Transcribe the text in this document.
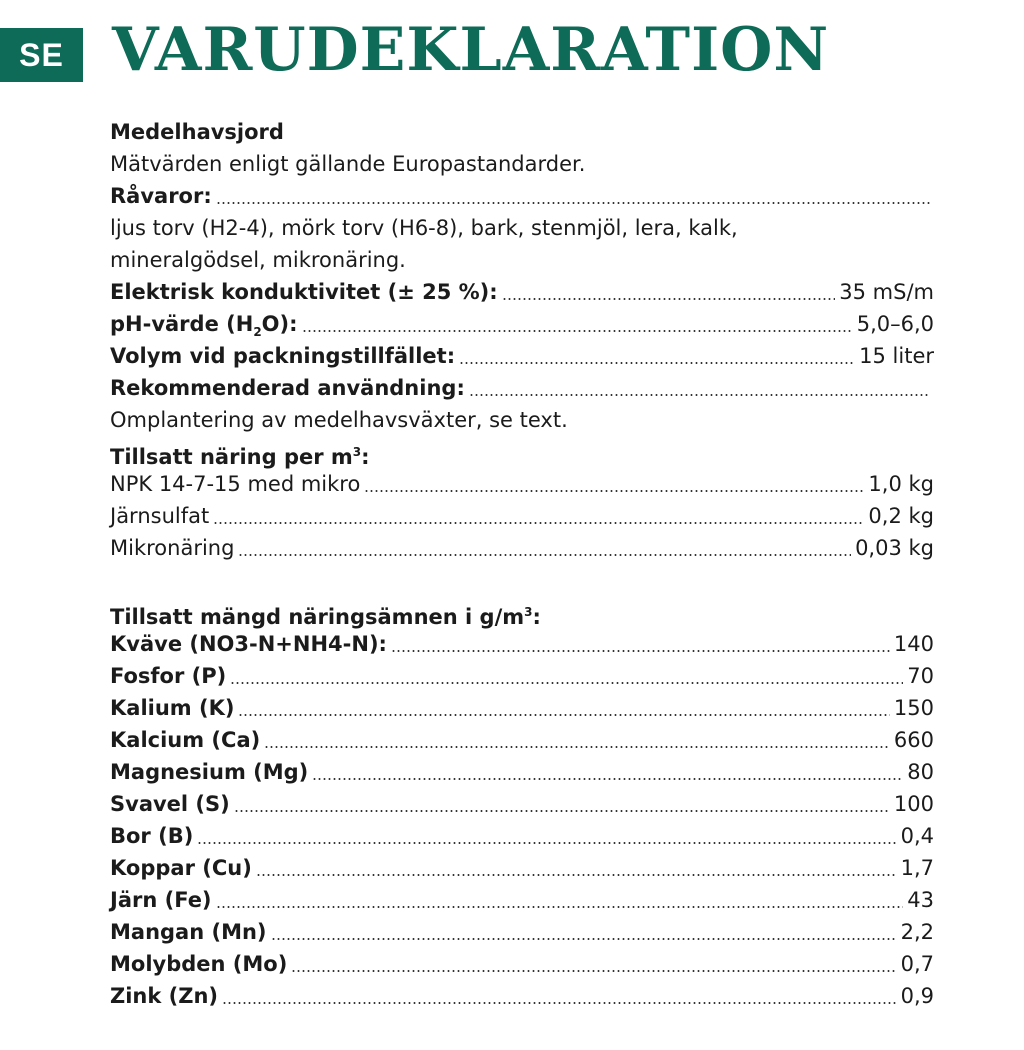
SE VARUDEKLARATION
Medelhavsjord
Mätvärden enligt gällande Europastandarder.
Råvaror:
ljus torv (H2-4), mörk torv (H6-8), bark, stenmjöl, lera, kalk,
mineralgödsel, mikronäring.
Elektrisk konduktivitet (± 25 %):	35 mS/m
pH-värde $(H_2O)$:	5,0–6,0
Volym vid packningstillfället:	15 liter
Rekommenderad användning:
Omplantering av medelhavsväxter, se text.
Tillsatt näring per $m^3$:
NPK 14-7-15 med mikro	1,0 kg
Järnsulfat	0,2 kg
Mikronäring	0,03 kg
Tillsatt mängd näringsämnen i $g/m^3$:
Kväve (NO3-N+NH4-N):	140
Fosfor (P)	70
Kalium (K)	150
Kalcium (Ca)	660
Magnesium (Mg)	80
Svavel (S)	100
Bor (B)	0,4
Koppar (Cu)	1,7
Järn (Fe)	43
Mangan (Mn)	2,2
Molybden (Mo)	0,7
Zink (Zn)	0,9
